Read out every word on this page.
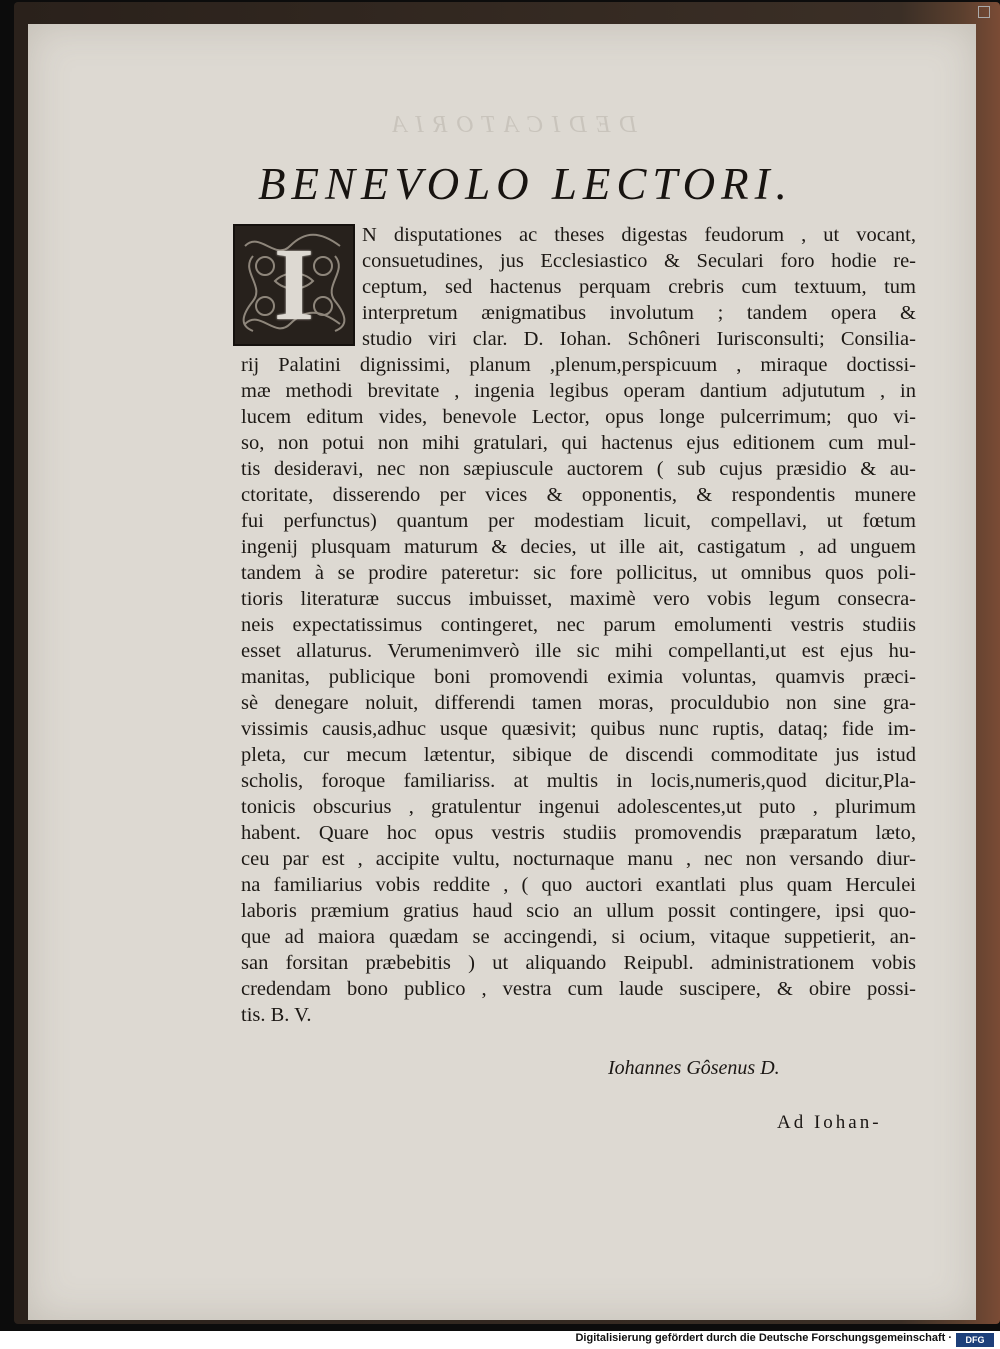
DEDICATORIA
BENEVOLO LECTORI.
I	N disputationes ac theses digestas feudorum , ut vocant,
consuetudines, jus Ecclesiastico & Seculari foro hodie re-
ceptum, sed hactenus perquam crebris cum textuum, tum
interpretum ænigmatibus involutum ; tandem opera &
studio viri clar. D. Iohan. Schôneri Iurisconsulti; Consilia-
rij Palatini dignissimi, planum ,plenum,perspicuum , miraque doctissi-
mæ methodi brevitate , ingenia legibus operam dantium adjututum , in
lucem editum vides, benevole Lector, opus longe pulcerrimum; quo vi-
so, non potui non mihi gratulari, qui hactenus ejus editionem cum mul-
tis desideravi, nec non sæpiuscule auctorem ( sub cujus præsidio & au-
ctoritate, disserendo per vices & opponentis, & respondentis munere
fui perfunctus) quantum per modestiam licuit, compellavi, ut fœtum
ingenij plusquam maturum & decies, ut ille ait, castigatum , ad unguem
tandem à se prodire pateretur: sic fore pollicitus, ut omnibus quos poli-
tioris literaturæ succus imbuisset, maximè vero vobis legum consecra-
neis expectatissimus contingeret, nec parum emolumenti vestris studiis
esset allaturus. Verumenimverò ille sic mihi compellanti,ut est ejus hu-
manitas, publicique boni promovendi eximia voluntas, quamvis præci-
sè denegare noluit, differendi tamen moras, proculdubio non sine gra-
vissimis causis,adhuc usque quæsivit; quibus nunc ruptis, dataq; fide im-
pleta, cur mecum lætentur, sibique de discendi commoditate jus istud
scholis, foroque familiariss. at multis in locis,numeris,quod dicitur,Pla-
tonicis obscurius , gratulentur ingenui adolescentes,ut puto , plurimum
habent. Quare hoc opus vestris studiis promovendis præparatum læto,
ceu par est , accipite vultu, nocturnaque manu , nec non versando diur-
na familiarius vobis reddite , ( quo auctori exantlati plus quam Herculei
laboris præmium gratius haud scio an ullum possit contingere, ipsi quo-
que ad maiora quædam se accingendi, si ocium, vitaque suppetierit, an-
san forsitan præbebitis ) ut aliquando Reipubl. administrationem vobis
credendam bono publico , vestra cum laude suscipere, & obire possi-
tis. B. V.
Iohannes Gôsenus D.
Ad Iohan-
Digitalisierung gefördert durch die Deutsche Forschungsgemeinschaft ·	DFG
